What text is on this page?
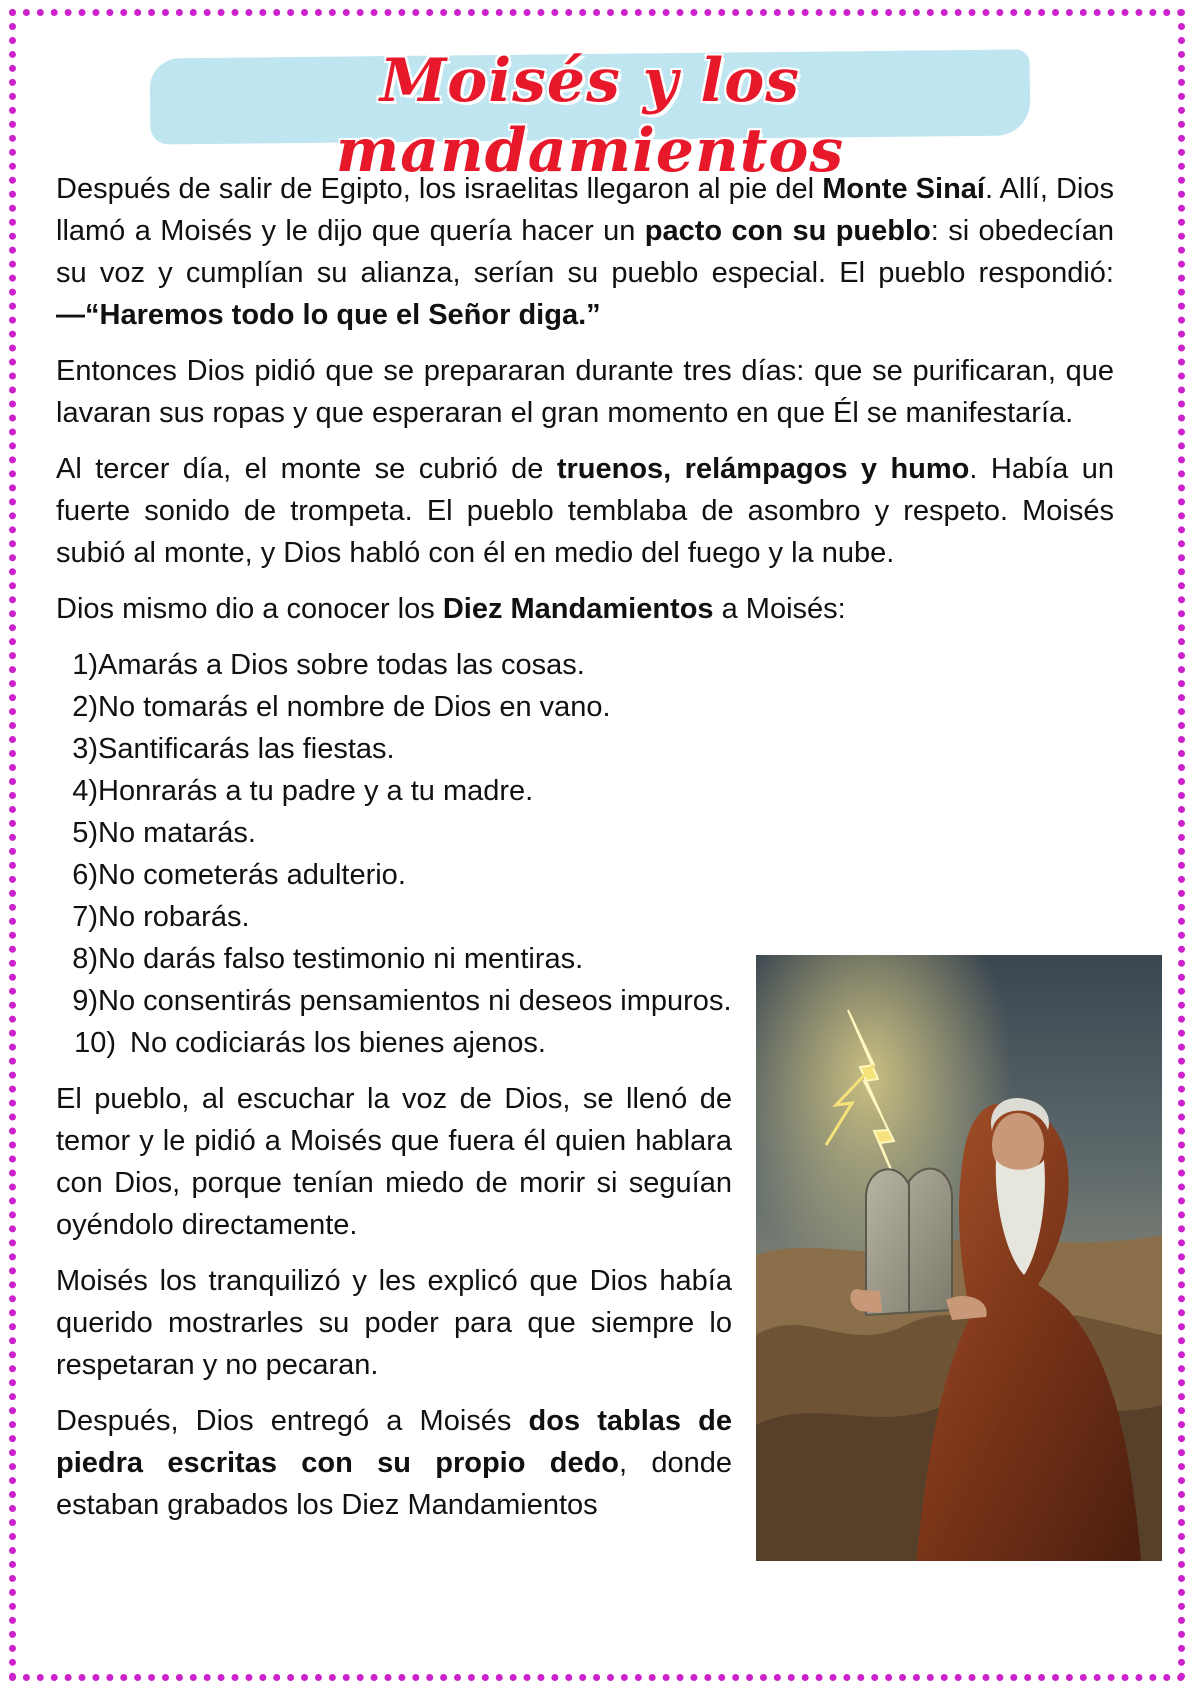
Moisés y los mandamientos

Después de salir de Egipto, los israelitas llegaron al pie del Monte Sinaí. Allí, Dios llamó a Moisés y le dijo que quería hacer un pacto con su pueblo: si obedecían su voz y cumplían su alianza, serían su pueblo especial. El pueblo respondió: —“Haremos todo lo que el Señor diga.”

Entonces Dios pidió que se prepararan durante tres días: que se purificaran, que lavaran sus ropas y que esperaran el gran momento en que Él se manifestaría.

Al tercer día, el monte se cubrió de truenos, relámpagos y humo. Había un fuerte sonido de trompeta. El pueblo temblaba de asombro y respeto. Moisés subió al monte, y Dios habló con él en medio del fuego y la nube.

Dios mismo dio a conocer los Diez Mandamientos a Moisés:

1) Amarás a Dios sobre todas las cosas.
2) No tomarás el nombre de Dios en vano.
3) Santificarás las fiestas.
4) Honrarás a tu padre y a tu madre.
5) No matarás.
6) No cometerás adulterio.
7) No robarás.
8) No darás falso testimonio ni mentiras.
9) No consentirás pensamientos ni deseos impuros.
10) No codiciarás los bienes ajenos.

El pueblo, al escuchar la voz de Dios, se llenó de temor y le pidió a Moisés que fuera él quien hablara con Dios, porque tenían miedo de morir si seguían oyéndolo directamente.

Moisés los tranquilizó y les explicó que Dios había querido mostrarles su poder para que siempre lo respetaran y no pecaran.

Después, Dios entregó a Moisés dos tablas de piedra escritas con su propio dedo, donde estaban grabados los Diez Mandamientos
